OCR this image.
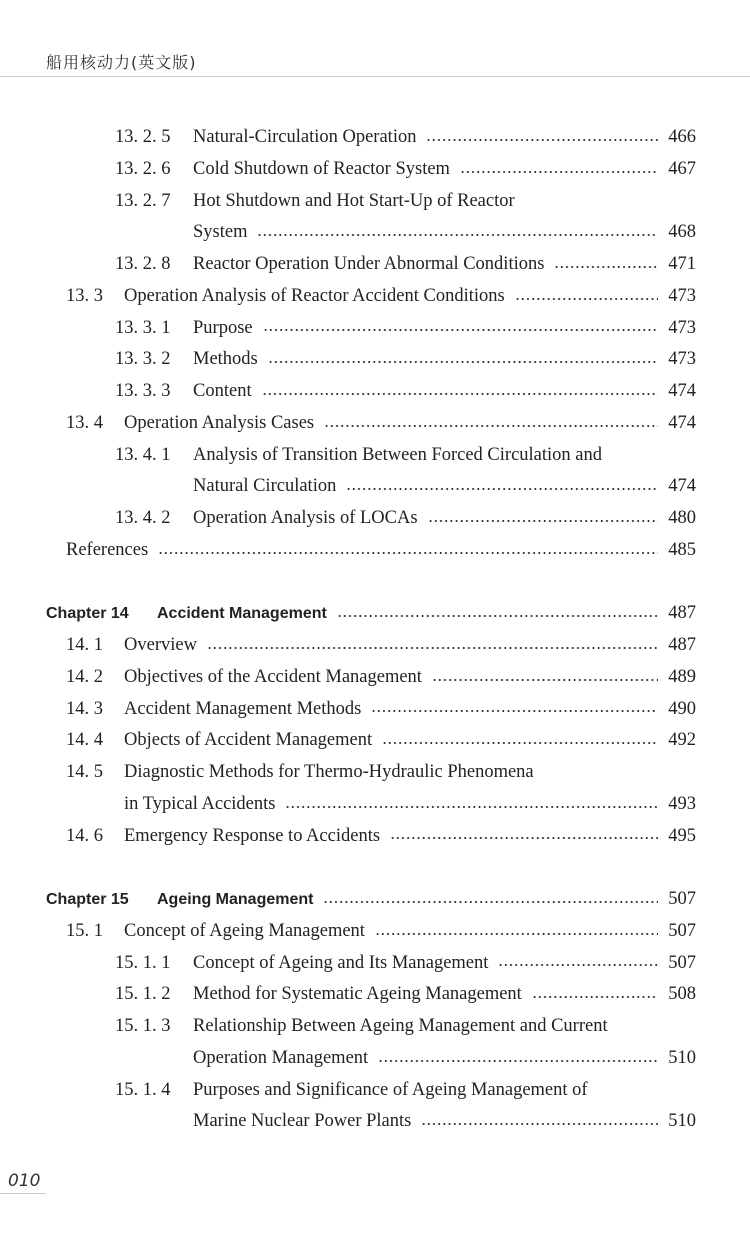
船用核动力(英文版)
13. 2. 5 Natural-Circulation Operation	466
13. 2. 6 Cold Shutdown of Reactor System	467
13. 2. 7 Hot Shutdown and Hot Start-Up of Reactor
System	468
13. 2. 8 Reactor Operation Under Abnormal Conditions	471
13. 3 Operation Analysis of Reactor Accident Conditions	473
13. 3. 1 Purpose	473
13. 3. 2 Methods	473
13. 3. 3 Content	474
13. 4 Operation Analysis Cases	474
13. 4. 1 Analysis of Transition Between Forced Circulation and
Natural Circulation	474
13. 4. 2 Operation Analysis of LOCAs	480
References	485
Chapter 14 Accident Management	487
14. 1 Overview	487
14. 2 Objectives of the Accident Management	489
14. 3 Accident Management Methods	490
14. 4 Objects of Accident Management	492
14. 5 Diagnostic Methods for Thermo-Hydraulic Phenomena
in Typical Accidents	493
14. 6 Emergency Response to Accidents	495
Chapter 15 Ageing Management	507
15. 1 Concept of Ageing Management	507
15. 1. 1 Concept of Ageing and Its Management	507
15. 1. 2 Method for Systematic Ageing Management	508
15. 1. 3 Relationship Between Ageing Management and Current
Operation Management	510
15. 1. 4 Purposes and Significance of Ageing Management of
Marine Nuclear Power Plants	510
010
